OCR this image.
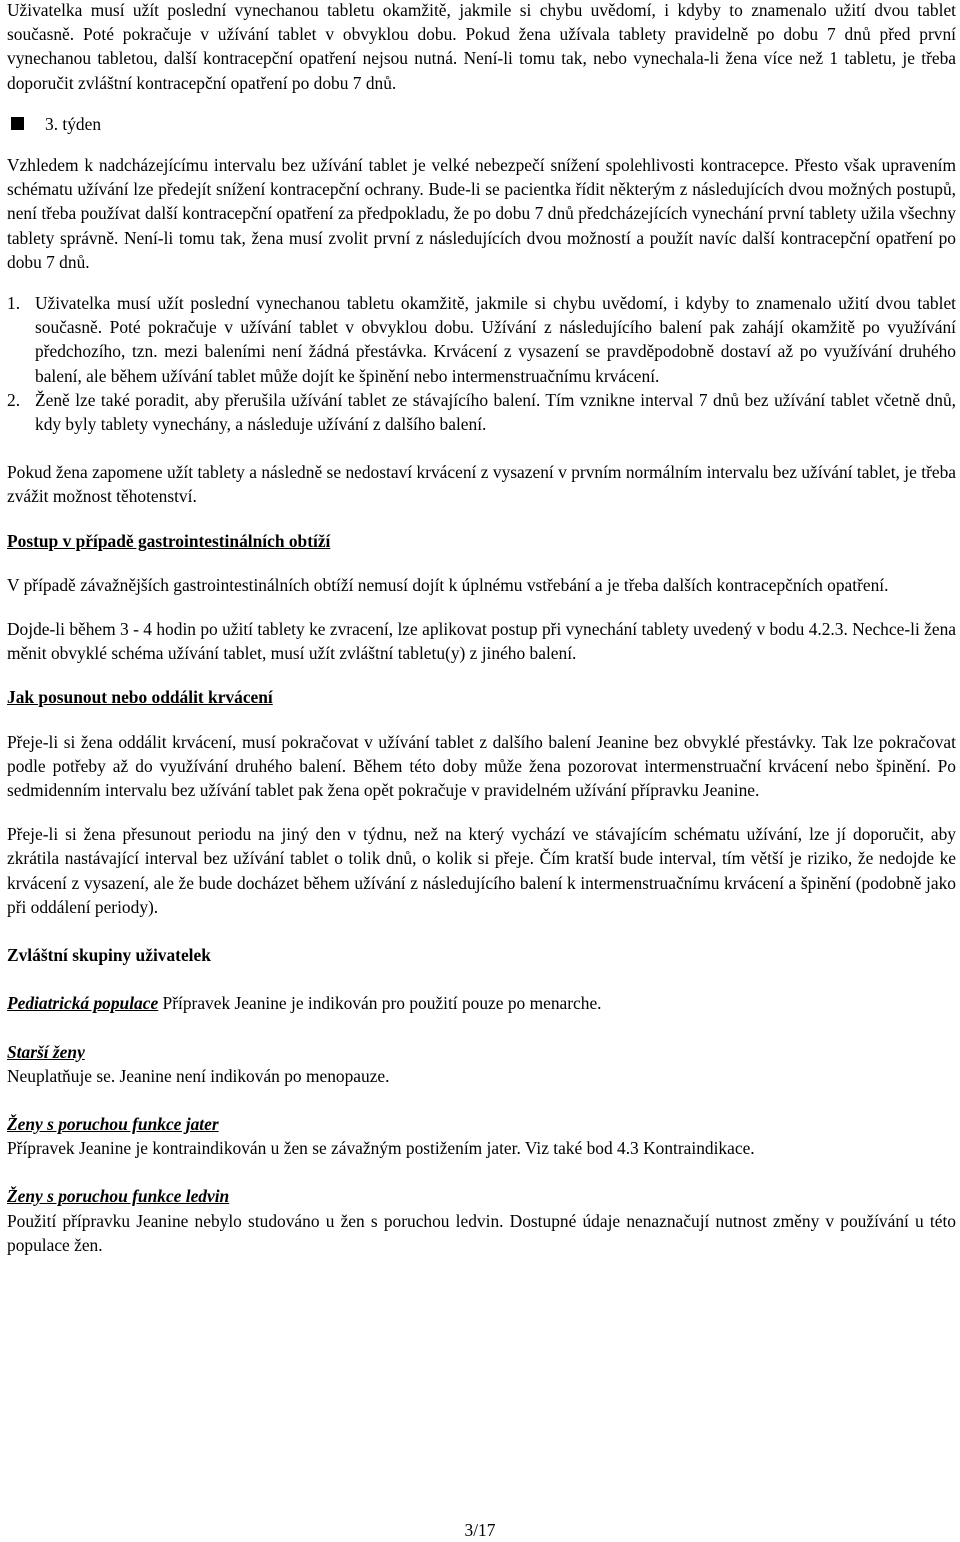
Uživatelka musí užít poslední vynechanou tabletu okamžitě, jakmile si chybu uvědomí, i kdyby to znamenalo užití dvou tablet současně. Poté pokračuje v užívání tablet v obvyklou dobu. Pokud žena užívala tablety pravidelně po dobu 7 dnů před první vynechanou tabletou, další kontracepční opatření nejsou nutná. Není-li tomu tak, nebo vynechala-li žena více než 1 tabletu, je třeba doporučit zvláštní kontracepční opatření po dobu 7 dnů.

3. týden

Vzhledem k nadcházejícímu intervalu bez užívání tablet je velké nebezpečí snížení spolehlivosti kontracepce. Přesto však upravením schématu užívání lze předejít snížení kontracepční ochrany. Bude-li se pacientka řídit některým z následujících dvou možných postupů, není třeba používat další kontracepční opatření za předpokladu, že po dobu 7 dnů předcházejících vynechání první tablety užila všechny tablety správně. Není-li tomu tak, žena musí zvolit první z následujících dvou možností a použít navíc další kontracepční opatření po dobu 7 dnů.

1. Uživatelka musí užít poslední vynechanou tabletu okamžitě, jakmile si chybu uvědomí, i kdyby to znamenalo užití dvou tablet současně. Poté pokračuje v užívání tablet v obvyklou dobu. Užívání z následujícího balení pak zahájí okamžitě po využívání předchozího, tzn. mezi baleními není žádná přestávka. Krvácení z vysazení se pravděpodobně dostaví až po využívání druhého balení, ale během užívání tablet může dojít ke špinění nebo intermenstruačnímu krvácení.
2. Ženě lze také poradit, aby přerušila užívání tablet ze stávajícího balení. Tím vznikne interval 7 dnů bez užívání tablet včetně dnů, kdy byly tablety vynechány, a následuje užívání z dalšího balení.

Pokud žena zapomene užít tablety a následně se nedostaví krvácení z vysazení v prvním normálním intervalu bez užívání tablet, je třeba zvážit možnost těhotenství.

Postup v případě gastrointestinálních obtíží

V případě závažnějších gastrointestinálních obtíží nemusí dojít k úplnému vstřebání a je třeba dalších kontracepčních opatření.

Dojde-li během 3 - 4 hodin po užití tablety ke zvracení, lze aplikovat postup při vynechání tablety uvedený v bodu 4.2.3. Nechce-li žena měnit obvyklé schéma užívání tablet, musí užít zvláštní tabletu(y) z jiného balení.

Jak posunout nebo oddálit krvácení

Přeje-li si žena oddálit krvácení, musí pokračovat v užívání tablet z dalšího balení Jeanine bez obvyklé přestávky. Tak lze pokračovat podle potřeby až do využívání druhého balení. Během této doby může žena pozorovat intermenstruační krvácení nebo špinění. Po sedmidenním intervalu bez užívání tablet pak žena opět pokračuje v pravidelném užívání přípravku Jeanine.

Přeje-li si žena přesunout periodu na jiný den v týdnu, než na který vychází ve stávajícím schématu užívání, lze jí doporučit, aby zkrátila nastávající interval bez užívání tablet o tolik dnů, o kolik si přeje. Čím kratší bude interval, tím větší je riziko, že nedojde ke krvácení z vysazení, ale že bude docházet během užívání z následujícího balení k intermenstruačnímu krvácení a špinění (podobně jako při oddálení periody).

Zvláštní skupiny uživatelek

Pediatrická populace Přípravek Jeanine je indikován pro použití pouze po menarche.

Starší ženy

Neuplatňuje se. Jeanine není indikován po menopauze.

Ženy s poruchou funkce jater

Přípravek Jeanine je kontraindikován u žen se závažným postižením jater. Viz také bod 4.3 Kontraindikace.

Ženy s poruchou funkce ledvin

Použití přípravku Jeanine nebylo studováno u žen s poruchou ledvin. Dostupné údaje nenaznačují nutnost změny v používání u této populace žen.

3/17
